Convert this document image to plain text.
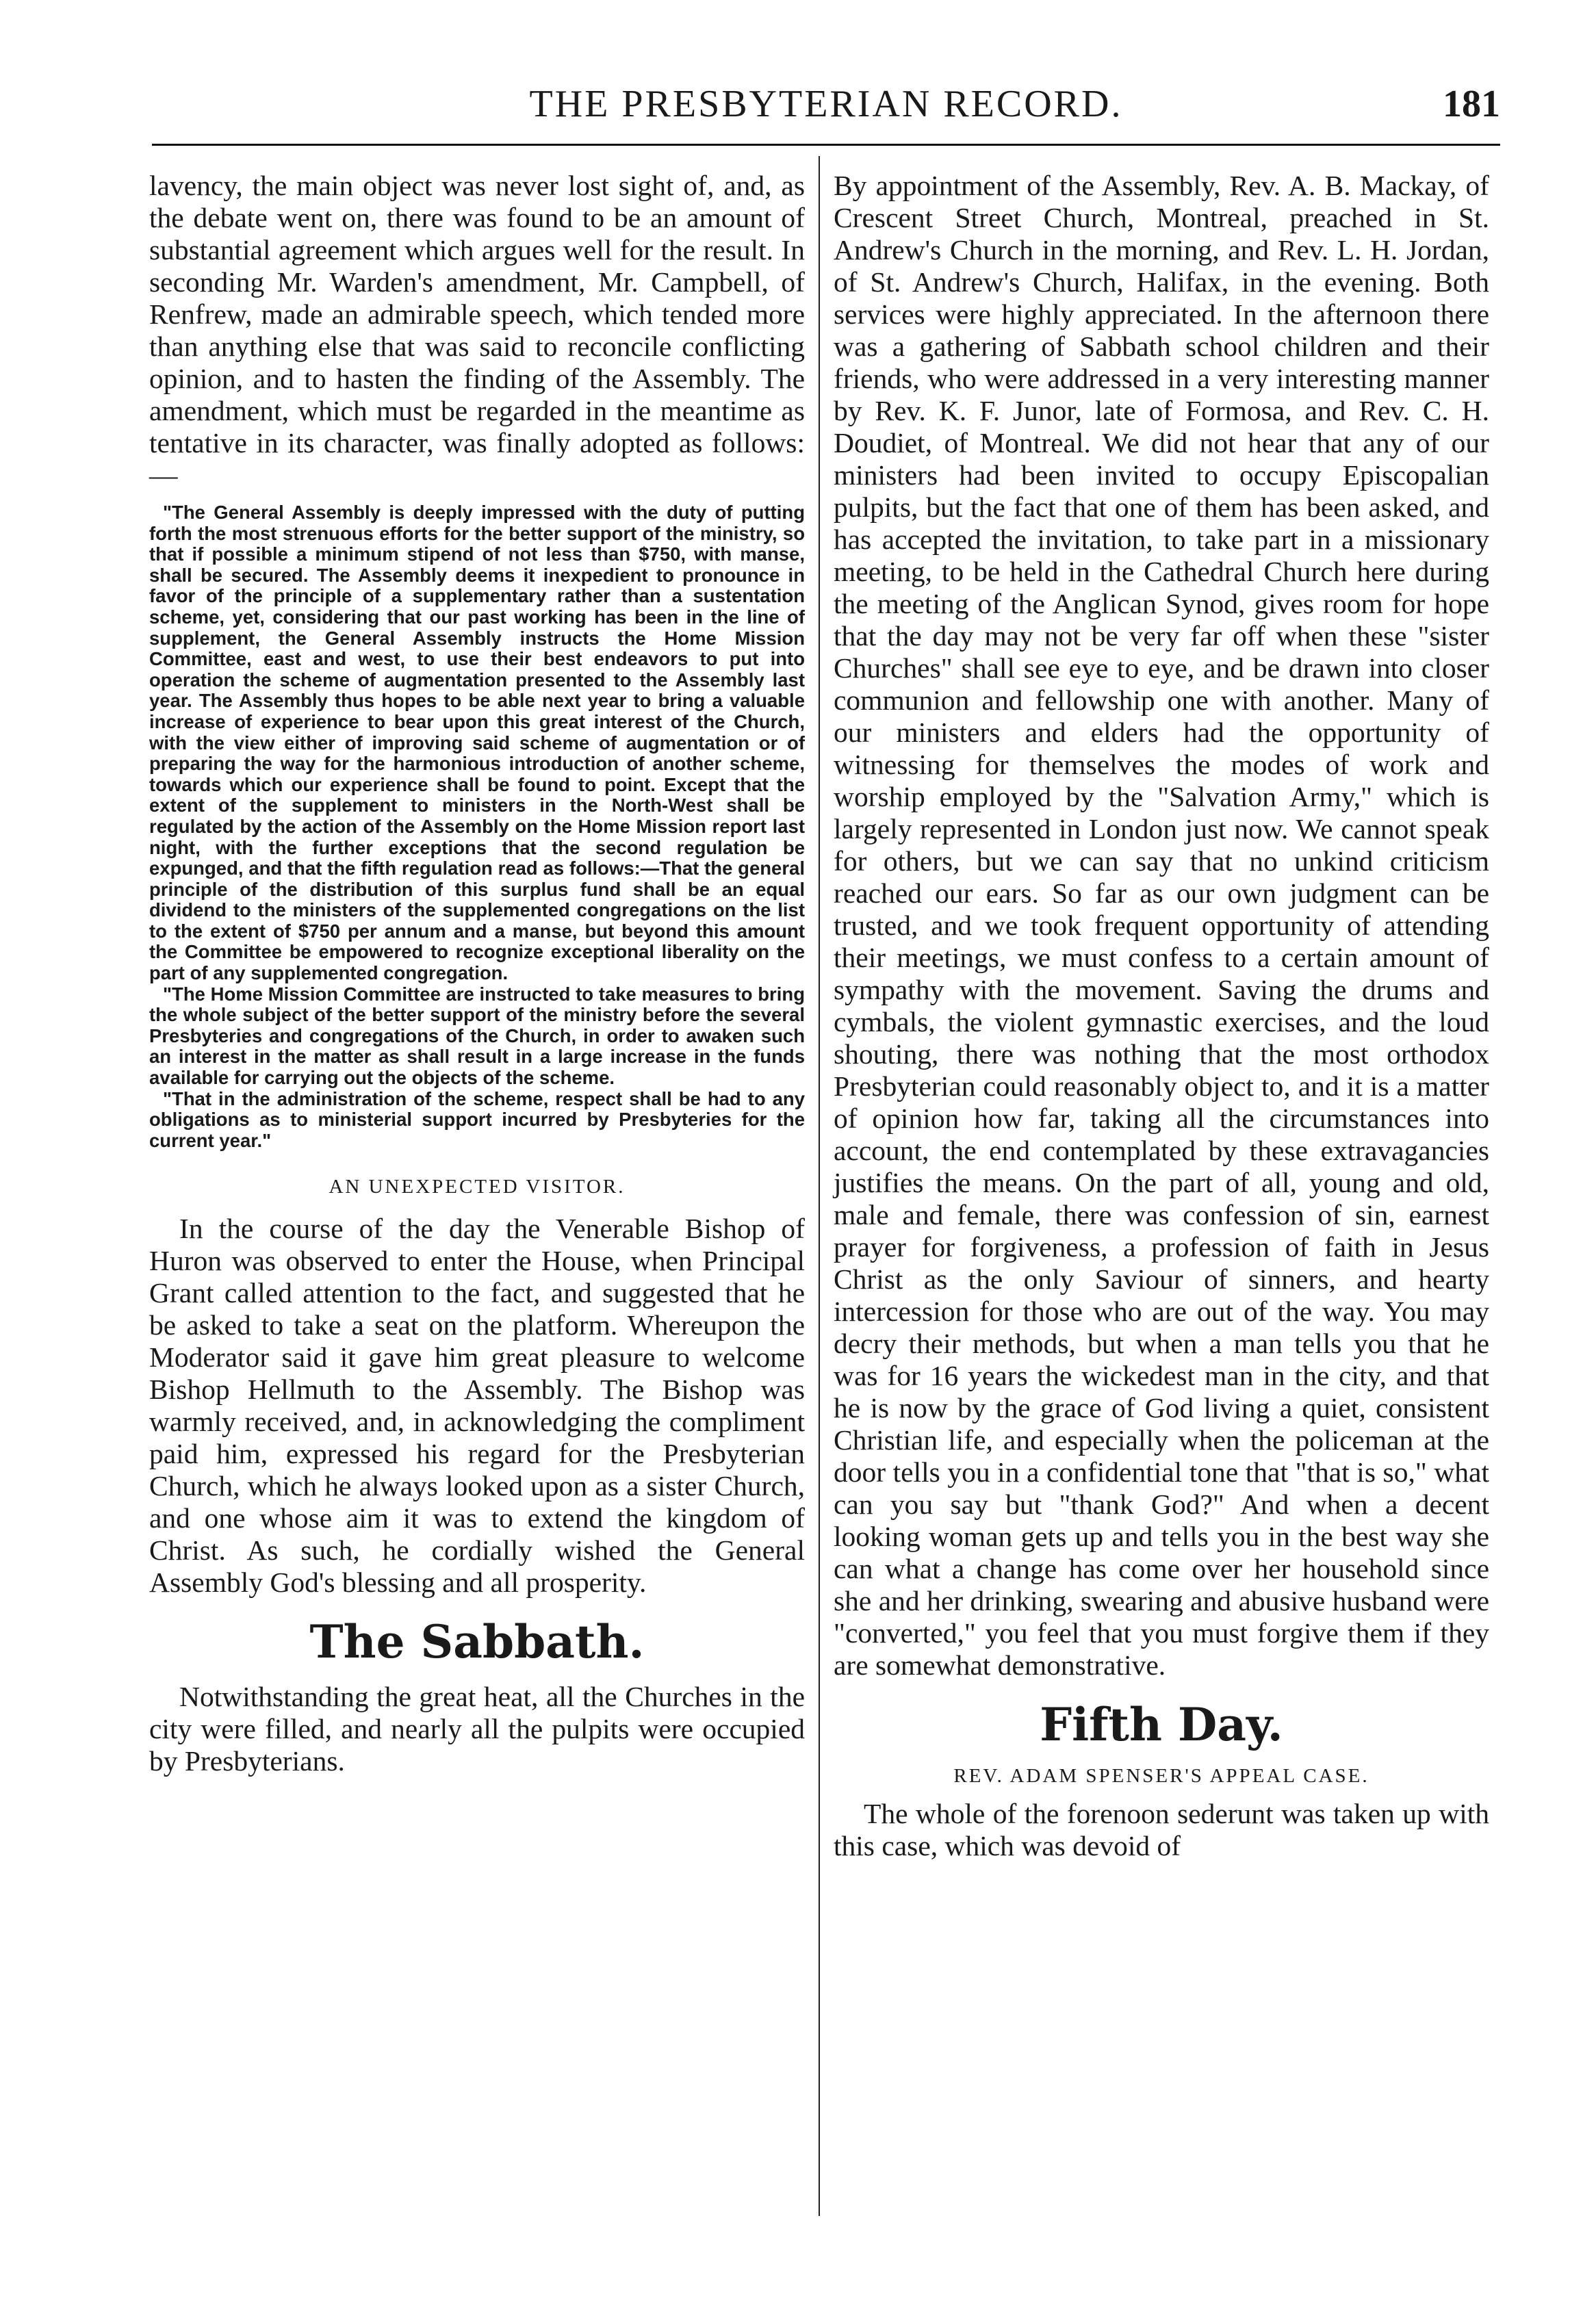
THE PRESBYTERIAN RECORD.	181

lavency, the main object was never lost sight of, and, as the debate went on, there was found to be an amount of substantial agreement which argues well for the result. In seconding Mr. Warden's amendment, Mr. Campbell, of Renfrew, made an admirable speech, which tended more than anything else that was said to reconcile conflicting opinion, and to hasten the finding of the Assembly. The amendment, which must be regarded in the meantime as tentative in its character, was finally adopted as follows:—

"The General Assembly is deeply impressed with the duty of putting forth the most strenuous efforts for the better support of the ministry, so that if possible a minimum stipend of not less than $750, with manse, shall be secured. The Assembly deems it inexpedient to pronounce in favor of the principle of a supplementary rather than a sustentation scheme, yet, considering that our past working has been in the line of supplement, the General Assembly instructs the Home Mission Committee, east and west, to use their best endeavors to put into operation the scheme of augmentation presented to the Assembly last year. The Assembly thus hopes to be able next year to bring a valuable increase of experience to bear upon this great interest of the Church, with the view either of improving said scheme of augmentation or of preparing the way for the harmonious introduction of another scheme, towards which our experience shall be found to point. Except that the extent of the supplement to ministers in the North-West shall be regulated by the action of the Assembly on the Home Mission report last night, with the further exceptions that the second regulation be expunged, and that the fifth regulation read as follows:—That the general principle of the distribution of this surplus fund shall be an equal dividend to the ministers of the supplemented congregations on the list to the extent of $750 per annum and a manse, but beyond this amount the Committee be empowered to recognize exceptional liberality on the part of any supplemented congregation.

"The Home Mission Committee are instructed to take measures to bring the whole subject of the better support of the ministry before the several Presbyteries and congregations of the Church, in order to awaken such an interest in the matter as shall result in a large increase in the funds available for carrying out the objects of the scheme.

"That in the administration of the scheme, respect shall be had to any obligations as to ministerial support incurred by Presbyteries for the current year."

AN UNEXPECTED VISITOR.

In the course of the day the Venerable Bishop of Huron was observed to enter the House, when Principal Grant called attention to the fact, and suggested that he be asked to take a seat on the platform. Whereupon the Moderator said it gave him great pleasure to welcome Bishop Hellmuth to the Assembly. The Bishop was warmly received, and, in acknowledging the compliment paid him, expressed his regard for the Presbyterian Church, which he always looked upon as a sister Church, and one whose aim it was to extend the kingdom of Christ. As such, he cordially wished the General Assembly God's blessing and all prosperity.

The Sabbath.

Notwithstanding the great heat, all the Churches in the city were filled, and nearly all the pulpits were occupied by Presbyterians.

By appointment of the Assembly, Rev. A. B. Mackay, of Crescent Street Church, Montreal, preached in St. Andrew's Church in the morning, and Rev. L. H. Jordan, of St. Andrew's Church, Halifax, in the evening. Both services were highly appreciated. In the afternoon there was a gathering of Sabbath school children and their friends, who were addressed in a very interesting manner by Rev. K. F. Junor, late of Formosa, and Rev. C. H. Doudiet, of Montreal. We did not hear that any of our ministers had been invited to occupy Episcopalian pulpits, but the fact that one of them has been asked, and has accepted the invitation, to take part in a missionary meeting, to be held in the Cathedral Church here during the meeting of the Anglican Synod, gives room for hope that the day may not be very far off when these "sister Churches" shall see eye to eye, and be drawn into closer communion and fellowship one with another. Many of our ministers and elders had the opportunity of witnessing for themselves the modes of work and worship employed by the "Salvation Army," which is largely represented in London just now. We cannot speak for others, but we can say that no unkind criticism reached our ears. So far as our own judgment can be trusted, and we took frequent opportunity of attending their meetings, we must confess to a certain amount of sympathy with the movement. Saving the drums and cymbals, the violent gymnastic exercises, and the loud shouting, there was nothing that the most orthodox Presbyterian could reasonably object to, and it is a matter of opinion how far, taking all the circumstances into account, the end contemplated by these extravagancies justifies the means. On the part of all, young and old, male and female, there was confession of sin, earnest prayer for forgiveness, a profession of faith in Jesus Christ as the only Saviour of sinners, and hearty intercession for those who are out of the way. You may decry their methods, but when a man tells you that he was for 16 years the wickedest man in the city, and that he is now by the grace of God living a quiet, consistent Christian life, and especially when the policeman at the door tells you in a confidential tone that "that is so," what can you say but "thank God?" And when a decent looking woman gets up and tells you in the best way she can what a change has come over her household since she and her drinking, swearing and abusive husband were "converted," you feel that you must forgive them if they are somewhat demonstrative.

Fifth Day.
REV. ADAM SPENSER'S APPEAL CASE.

The whole of the forenoon sederunt was taken up with this case, which was devoid of
